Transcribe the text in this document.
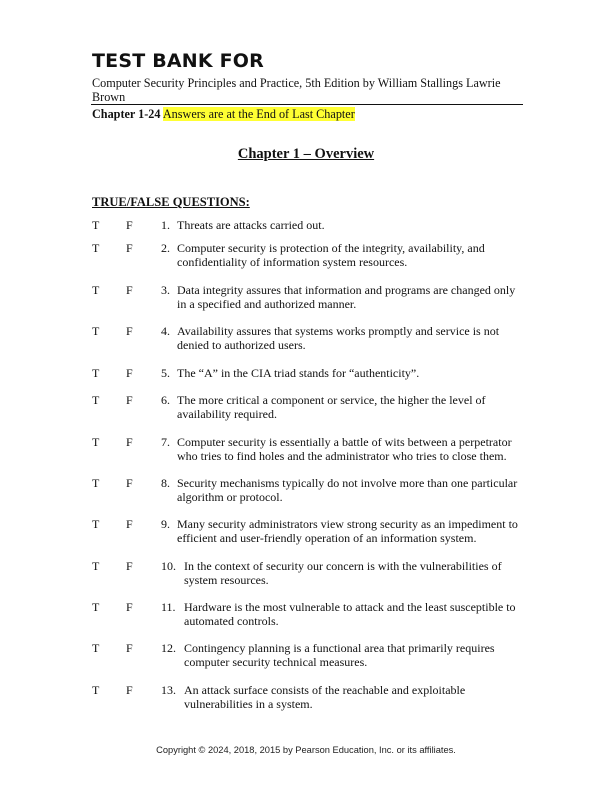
TEST BANK FOR
Computer Security Principles and Practice, 5th Edition by William Stallings Lawrie Brown
Chapter 1-24 Answers are at the End of Last Chapter
Chapter 1 – Overview
TRUE/FALSE QUESTIONS:
T F 1. Threats are attacks carried out.
T F 2. Computer security is protection of the integrity, availability, and
confidentiality of information system resources.
T F 3. Data integrity assures that information and programs are changed only
in a specified and authorized manner.
T F 4. Availability assures that systems works promptly and service is not
denied to authorized users.
T F 5. The “A” in the CIA triad stands for “authenticity”.
T F 6. The more critical a component or service, the higher the level of
availability required.
T F 7. Computer security is essentially a battle of wits between a perpetrator
who tries to find holes and the administrator who tries to close them.
T F 8. Security mechanisms typically do not involve more than one particular
algorithm or protocol.
T F 9. Many security administrators view strong security as an impediment to
efficient and user-friendly operation of an information system.
T F 10. In the context of security our concern is with the vulnerabilities of
system resources.
T F 11. Hardware is the most vulnerable to attack and the least susceptible to
automated controls.
T F 12. Contingency planning is a functional area that primarily requires
computer security technical measures.
T F 13. An attack surface consists of the reachable and exploitable
vulnerabilities in a system.
Copyright © 2024, 2018, 2015 by Pearson Education, Inc. or its affiliates.
